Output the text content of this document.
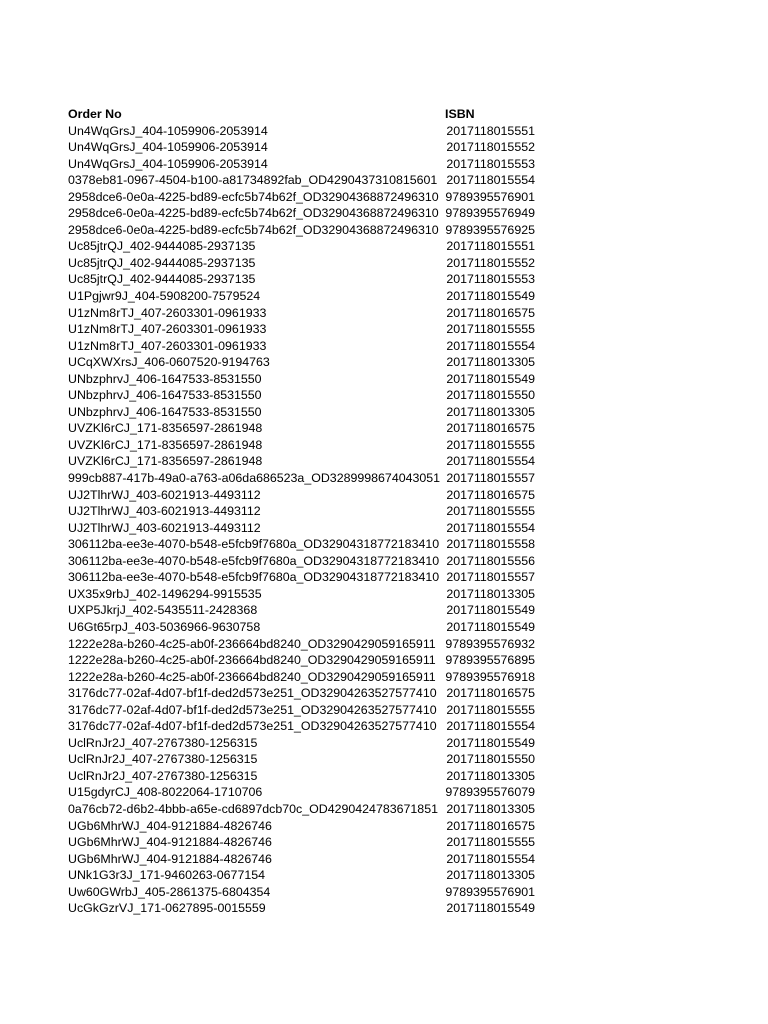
Order No	ISBN
Un4WqGrsJ_404-1059906-2053914	2017118015551
Un4WqGrsJ_404-1059906-2053914	2017118015552
Un4WqGrsJ_404-1059906-2053914	2017118015553
0378eb81-0967-4504-b100-a81734892fab_OD4290437310815601 2017118015554
2958dce6-0e0a-4225-bd89-ecfc5b74b62f_OD32904368872496310 9789395576901
2958dce6-0e0a-4225-bd89-ecfc5b74b62f_OD32904368872496310 9789395576949
2958dce6-0e0a-4225-bd89-ecfc5b74b62f_OD32904368872496310 9789395576925
Uc85jtrQJ_402-9444085-2937135	2017118015551
Uc85jtrQJ_402-9444085-2937135	2017118015552
Uc85jtrQJ_402-9444085-2937135	2017118015553
U1Pgjwr9J_404-5908200-7579524	2017118015549
U1zNm8rTJ_407-2603301-0961933	2017118016575
U1zNm8rTJ_407-2603301-0961933	2017118015555
U1zNm8rTJ_407-2603301-0961933	2017118015554
UCqXWXrsJ_406-0607520-9194763	2017118013305
UNbzphrvJ_406-1647533-8531550	2017118015549
UNbzphrvJ_406-1647533-8531550	2017118015550
UNbzphrvJ_406-1647533-8531550	2017118013305
UVZKl6rCJ_171-8356597-2861948	2017118016575
UVZKl6rCJ_171-8356597-2861948	2017118015555
UVZKl6rCJ_171-8356597-2861948	2017118015554
999cb887-417b-49a0-a763-a06da686523a_OD3289998674043051 2017118015557
UJ2TlhrWJ_403-6021913-4493112	2017118016575
UJ2TlhrWJ_403-6021913-4493112	2017118015555
UJ2TlhrWJ_403-6021913-4493112	2017118015554
306112ba-ee3e-4070-b548-e5fcb9f7680a_OD32904318772183410 2017118015558
306112ba-ee3e-4070-b548-e5fcb9f7680a_OD32904318772183410 2017118015556
306112ba-ee3e-4070-b548-e5fcb9f7680a_OD32904318772183410 2017118015557
UX35x9rbJ_402-1496294-9915535	2017118013305
UXP5JkrjJ_402-5435511-2428368	2017118015549
U6Gt65rpJ_403-5036966-9630758	2017118015549
1222e28a-b260-4c25-ab0f-236664bd8240_OD3290429059165911 9789395576932
1222e28a-b260-4c25-ab0f-236664bd8240_OD3290429059165911 9789395576895
1222e28a-b260-4c25-ab0f-236664bd8240_OD3290429059165911 9789395576918
3176dc77-02af-4d07-bf1f-ded2d573e251_OD32904263527577410 2017118016575
3176dc77-02af-4d07-bf1f-ded2d573e251_OD32904263527577410 2017118015555
3176dc77-02af-4d07-bf1f-ded2d573e251_OD32904263527577410 2017118015554
UclRnJr2J_407-2767380-1256315	2017118015549
UclRnJr2J_407-2767380-1256315	2017118015550
UclRnJr2J_407-2767380-1256315	2017118013305
U15gdyrCJ_408-8022064-1710706	9789395576079
0a76cb72-d6b2-4bbb-a65e-cd6897dcb70c_OD4290424783671851 2017118013305
UGb6MhrWJ_404-9121884-4826746	2017118016575
UGb6MhrWJ_404-9121884-4826746	2017118015555
UGb6MhrWJ_404-9121884-4826746	2017118015554
UNk1G3r3J_171-9460263-0677154	2017118013305
Uw60GWrbJ_405-2861375-6804354	9789395576901
UcGkGzrVJ_171-0627895-0015559	2017118015549
